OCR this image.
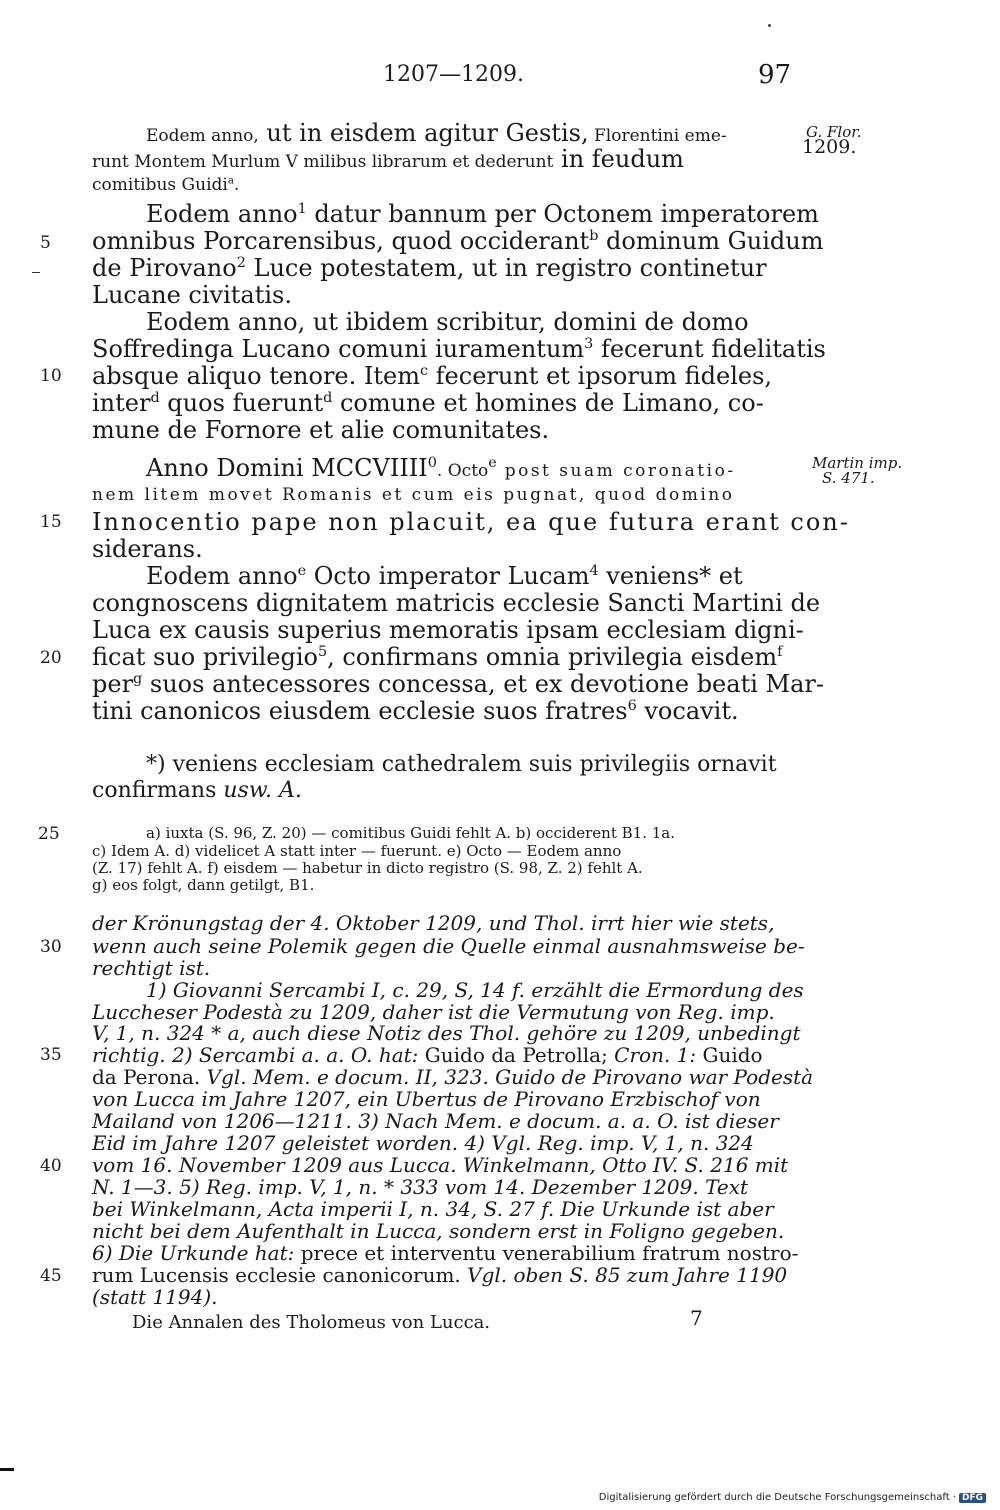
1207—1209.	97
G. Flor.
1209.
Martin imp.
S. 471.
5
10
15
20
25
30
35
40
45
Eodem anno, ut in eisdem agitur Gestis, Florentini eme-
runt Montem Murlum V milibus librarum et dederunt in feudum
comitibus Guidi$^a$.
Eodem anno$^1$ datur bannum per Octonem imperatorem
omnibus Porcarensibus, quod occiderant$^b$ dominum Guidum
de Pirovano$^2$ Luce potestatem, ut in registro continetur
Lucane civitatis.
Eodem anno, ut ibidem scribitur, domini de domo
Soffredinga Lucano comuni iuramentum$^3$ fecerunt fidelitatis
absque aliquo tenore. Item$^c$ fecerunt et ipsorum fideles,
inter$^d$ quos fuerunt$^d$ comune et homines de Limano, co-
mune de Fornore et alie comunitates.
Anno Domini MCCVIIII$^0$. Octo$^e$ post suam coronatio-
nem litem movet Romanis et cum eis pugnat, quod domino
Innocentio pape non placuit, ea que futura erant con-
siderans.
Eodem anno$^e$ Octo imperator Lucam$^4$ veniens* et
congnoscens dignitatem matricis ecclesie Sancti Martini de
Luca ex causis superius memoratis ipsam ecclesiam digni-
ficat suo privilegio$^5$, confirmans omnia privilegia eisdem$^f$
per$^g$ suos antecessores concessa, et ex devotione beati Mar-
tini canonicos eiusdem ecclesie suos fratres$^6$ vocavit.
*) veniens ecclesiam cathedralem suis privilegiis ornavit
confirmans usw. A.
a) iuxta (S. 96, Z. 20) — comitibus Guidi fehlt A. b) occiderent B1. 1a.
c) Idem A. d) videlicet A statt inter — fuerunt. e) Octo — Eodem anno
(Z. 17) fehlt A. f) eisdem — habetur in dicto registro (S. 98, Z. 2) fehlt A.
g) eos folgt, dann getilgt, B1.
der Krönungstag der 4. Oktober 1209, und Thol. irrt hier wie stets,
wenn auch seine Polemik gegen die Quelle einmal ausnahmsweise be-
rechtigt ist.
1) Giovanni Sercambi I, c. 29, S, 14 f. erzählt die Ermordung des
Luccheser Podestà zu 1209, daher ist die Vermutung von Reg. imp.
V, 1, n. 324 * a, auch diese Notiz des Thol. gehöre zu 1209, unbedingt
richtig. 2) Sercambi a. a. O. hat: Guido da Petrolla; Cron. 1: Guido
da Perona. Vgl. Mem. e docum. II, 323. Guido de Pirovano war Podestà
von Lucca im Jahre 1207, ein Ubertus de Pirovano Erzbischof von
Mailand von 1206—1211. 3) Nach Mem. e docum. a. a. O. ist dieser
Eid im Jahre 1207 geleistet worden. 4) Vgl. Reg. imp. V, 1, n. 324
vom 16. November 1209 aus Lucca. Winkelmann, Otto IV. S. 216 mit
N. 1—3. 5) Reg. imp. V, 1, n. * 333 vom 14. Dezember 1209. Text
bei Winkelmann, Acta imperii I, n. 34, S. 27 f. Die Urkunde ist aber
nicht bei dem Aufenthalt in Lucca, sondern erst in Foligno gegeben.
6) Die Urkunde hat: prece et interventu venerabilium fratrum nostro-
rum Lucensis ecclesie canonicorum. Vgl. oben S. 85 zum Jahre 1190
(statt 1194).
Die Annalen des Tholomeus von Lucca.	7
Digitalisierung gefördert durch die Deutsche Forschungsgemeinschaft · DFG
